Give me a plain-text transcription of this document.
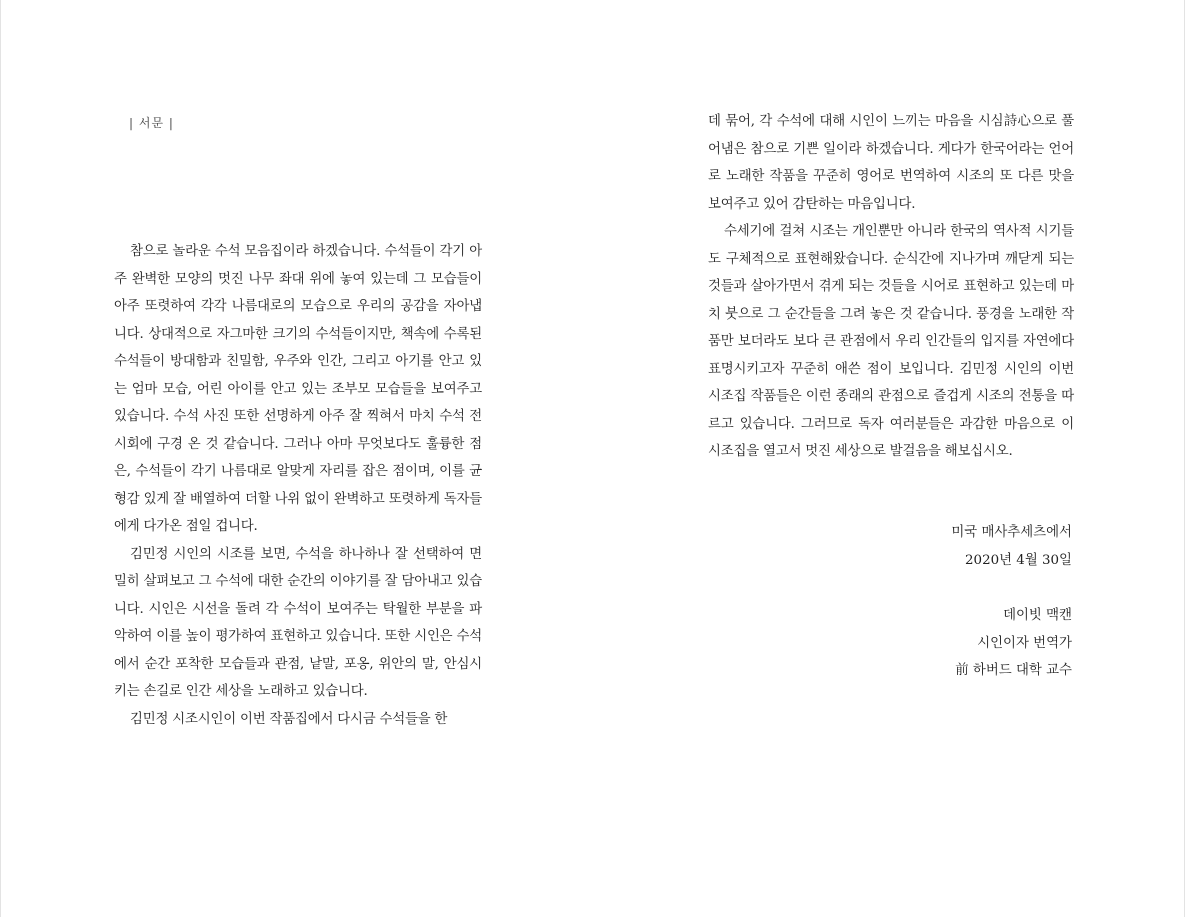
| 서문 |

참으로 놀라운 수석 모음집이라 하겠습니다. 수석들이 각기 아주 완벽한 모양의 멋진 나무 좌대 위에 놓여 있는데 그 모습들이 아주 또렷하여 각각 나름대로의 모습으로 우리의 공감을 자아냅니다. 상대적으로 자그마한 크기의 수석들이지만, 책속에 수록된 수석들이 방대함과 친밀함, 우주와 인간, 그리고 아기를 안고 있는 엄마 모습, 어린 아이를 안고 있는 조부모 모습들을 보여주고 있습니다. 수석 사진 또한 선명하게 아주 잘 찍혀서 마치 수석 전시회에 구경 온 것 같습니다. 그러나 아마 무엇보다도 훌륭한 점은, 수석들이 각기 나름대로 알맞게 자리를 잡은 점이며, 이를 균형감 있게 잘 배열하여 더할 나위 없이 완벽하고 또렷하게 독자들에게 다가온 점일 겁니다.

김민정 시인의 시조를 보면, 수석을 하나하나 잘 선택하여 면밀히 살펴보고 그 수석에 대한 순간의 이야기를 잘 담아내고 있습니다. 시인은 시선을 돌려 각 수석이 보여주는 탁월한 부분을 파악하여 이를 높이 평가하여 표현하고 있습니다. 또한 시인은 수석에서 순간 포착한 모습들과 관점, 낱말, 포옹, 위안의 말, 안심시키는 손길로 인간 세상을 노래하고 있습니다.

김민정 시조시인이 이번 작품집에서 다시금 수석들을 한

데 묶어, 각 수석에 대해 시인이 느끼는 마음을 시심詩心으로 풀어냄은 참으로 기쁜 일이라 하겠습니다. 게다가 한국어라는 언어로 노래한 작품을 꾸준히 영어로 번역하여 시조의 또 다른 맛을 보여주고 있어 감탄하는 마음입니다.

수세기에 걸쳐 시조는 개인뿐만 아니라 한국의 역사적 시기들도 구체적으로 표현해왔습니다. 순식간에 지나가며 깨닫게 되는 것들과 살아가면서 겪게 되는 것들을 시어로 표현하고 있는데 마치 붓으로 그 순간들을 그려 놓은 것 같습니다. 풍경을 노래한 작품만 보더라도 보다 큰 관점에서 우리 인간들의 입지를 자연에다 표명시키고자 꾸준히 애쓴 점이 보입니다. 김민정 시인의 이번 시조집 작품들은 이런 종래의 관점으로 즐겁게 시조의 전통을 따르고 있습니다. 그러므로 독자 여러분들은 과감한 마음으로 이 시조집을 열고서 멋진 세상으로 발걸음을 해보십시오.

미국 매사추세츠에서
2020년 4월 30일
데이빗 맥캔
시인이자 번역가
前 하버드 대학 교수
